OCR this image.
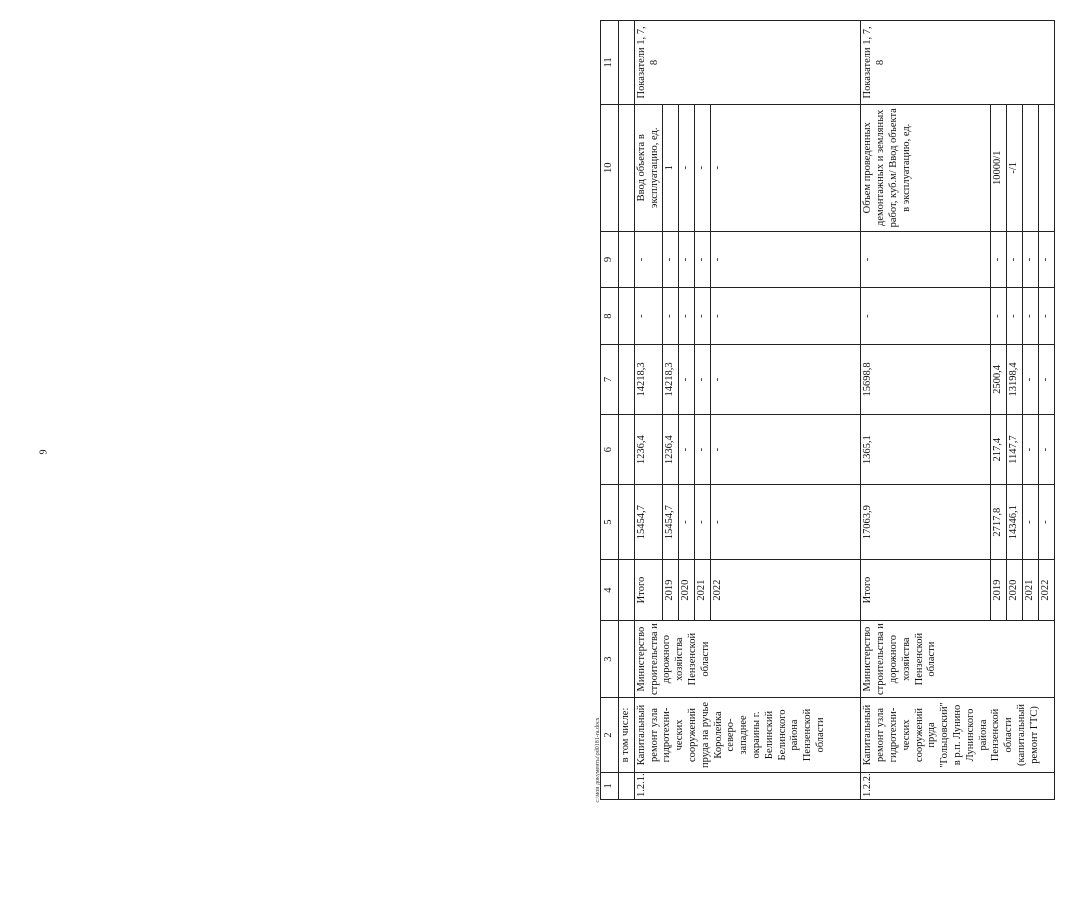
9
c:\мои документы\pd0181-ra.docx 1	2	3	4	5	6	7	8	9	10	11
	в том числе:									
1.2.1.	Капитальный ремонт узла гидротехни-ческих сооружений пруда на ручье Королейка северо-западнее окраины г. Белинский Белинского района Пензенской области	Министерство строительства и дорожного хозяйства Пензенской области	Итого	15454,7	1236,4	14218,3	-	-	Ввод объекта в эксплуатацию, ед.	Показатели 1, 7, 8
			2019	15454,7	1236,4	14218,3	-	-	1	
			2020	-	-	-	-	-	-	
			2021	-	-	-	-	-	-	
			2022	-	-	-	-	-	-	
1.2.2.	Капитальный ремонт узла гидротехни-ческих сооружений пруда "Гольцовский" в р.п. Лунино Лунинского района Пензенской области (капитальный ремонт ГТС)	Министерство строительства и дорожного хозяйства Пензенской области	Итого	17063,9	1365,1	15698,8	-	-	Объем проведенных демонтажных и земляных работ, куб.м/ Ввод объекта в эксплуатацию, ед.	Показатели 1, 7, 8
			2019	2717,8	217,4	2500,4	-	-	10000/1	
			2020	14346,1	1147,7	13198,4	-	-	-/1	
			2021	-	-	-	-	-		
			2022	-	-	-	-	-		
